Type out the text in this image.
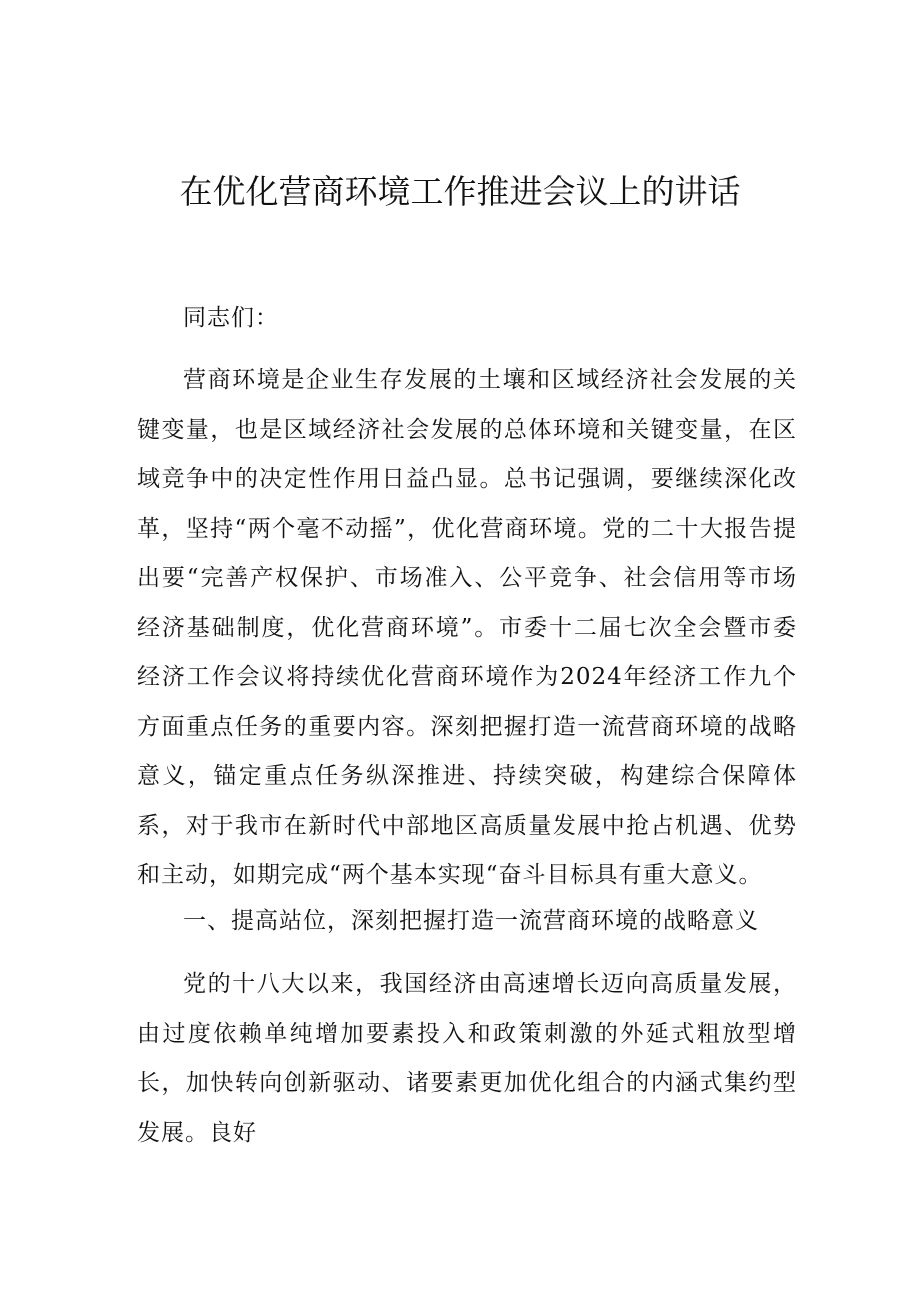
在优化营商环境工作推进会议上的讲话

同志们：

营商环境是企业生存发展的土壤和区域经济社会发展的关键变量，也是区域经济社会发展的总体环境和关键变量，在区域竞争中的决定性作用日益凸显。总书记强调，要继续深化改革，坚持“两个毫不动摇”，优化营商环境。党的二十大报告提出要“完善产权保护、市场准入、公平竞争、社会信用等市场经济基础制度，优化营商环境”。市委十二届七次全会暨市委经济工作会议将持续优化营商环境作为2024年经济工作九个方面重点任务的重要内容。深刻把握打造一流营商环境的战略意义，锚定重点任务纵深推进、持续突破，构建综合保障体系，对于我市在新时代中部地区高质量发展中抢占机遇、优势和主动，如期完成“两个基本实现“奋斗目标具有重大意义。

一、提高站位，深刻把握打造一流营商环境的战略意义

党的十八大以来，我国经济由高速增长迈向高质量发展，由过度依赖单纯增加要素投入和政策刺激的外延式粗放型增长，加快转向创新驱动、诸要素更加优化组合的内涵式集约型发展。良好
